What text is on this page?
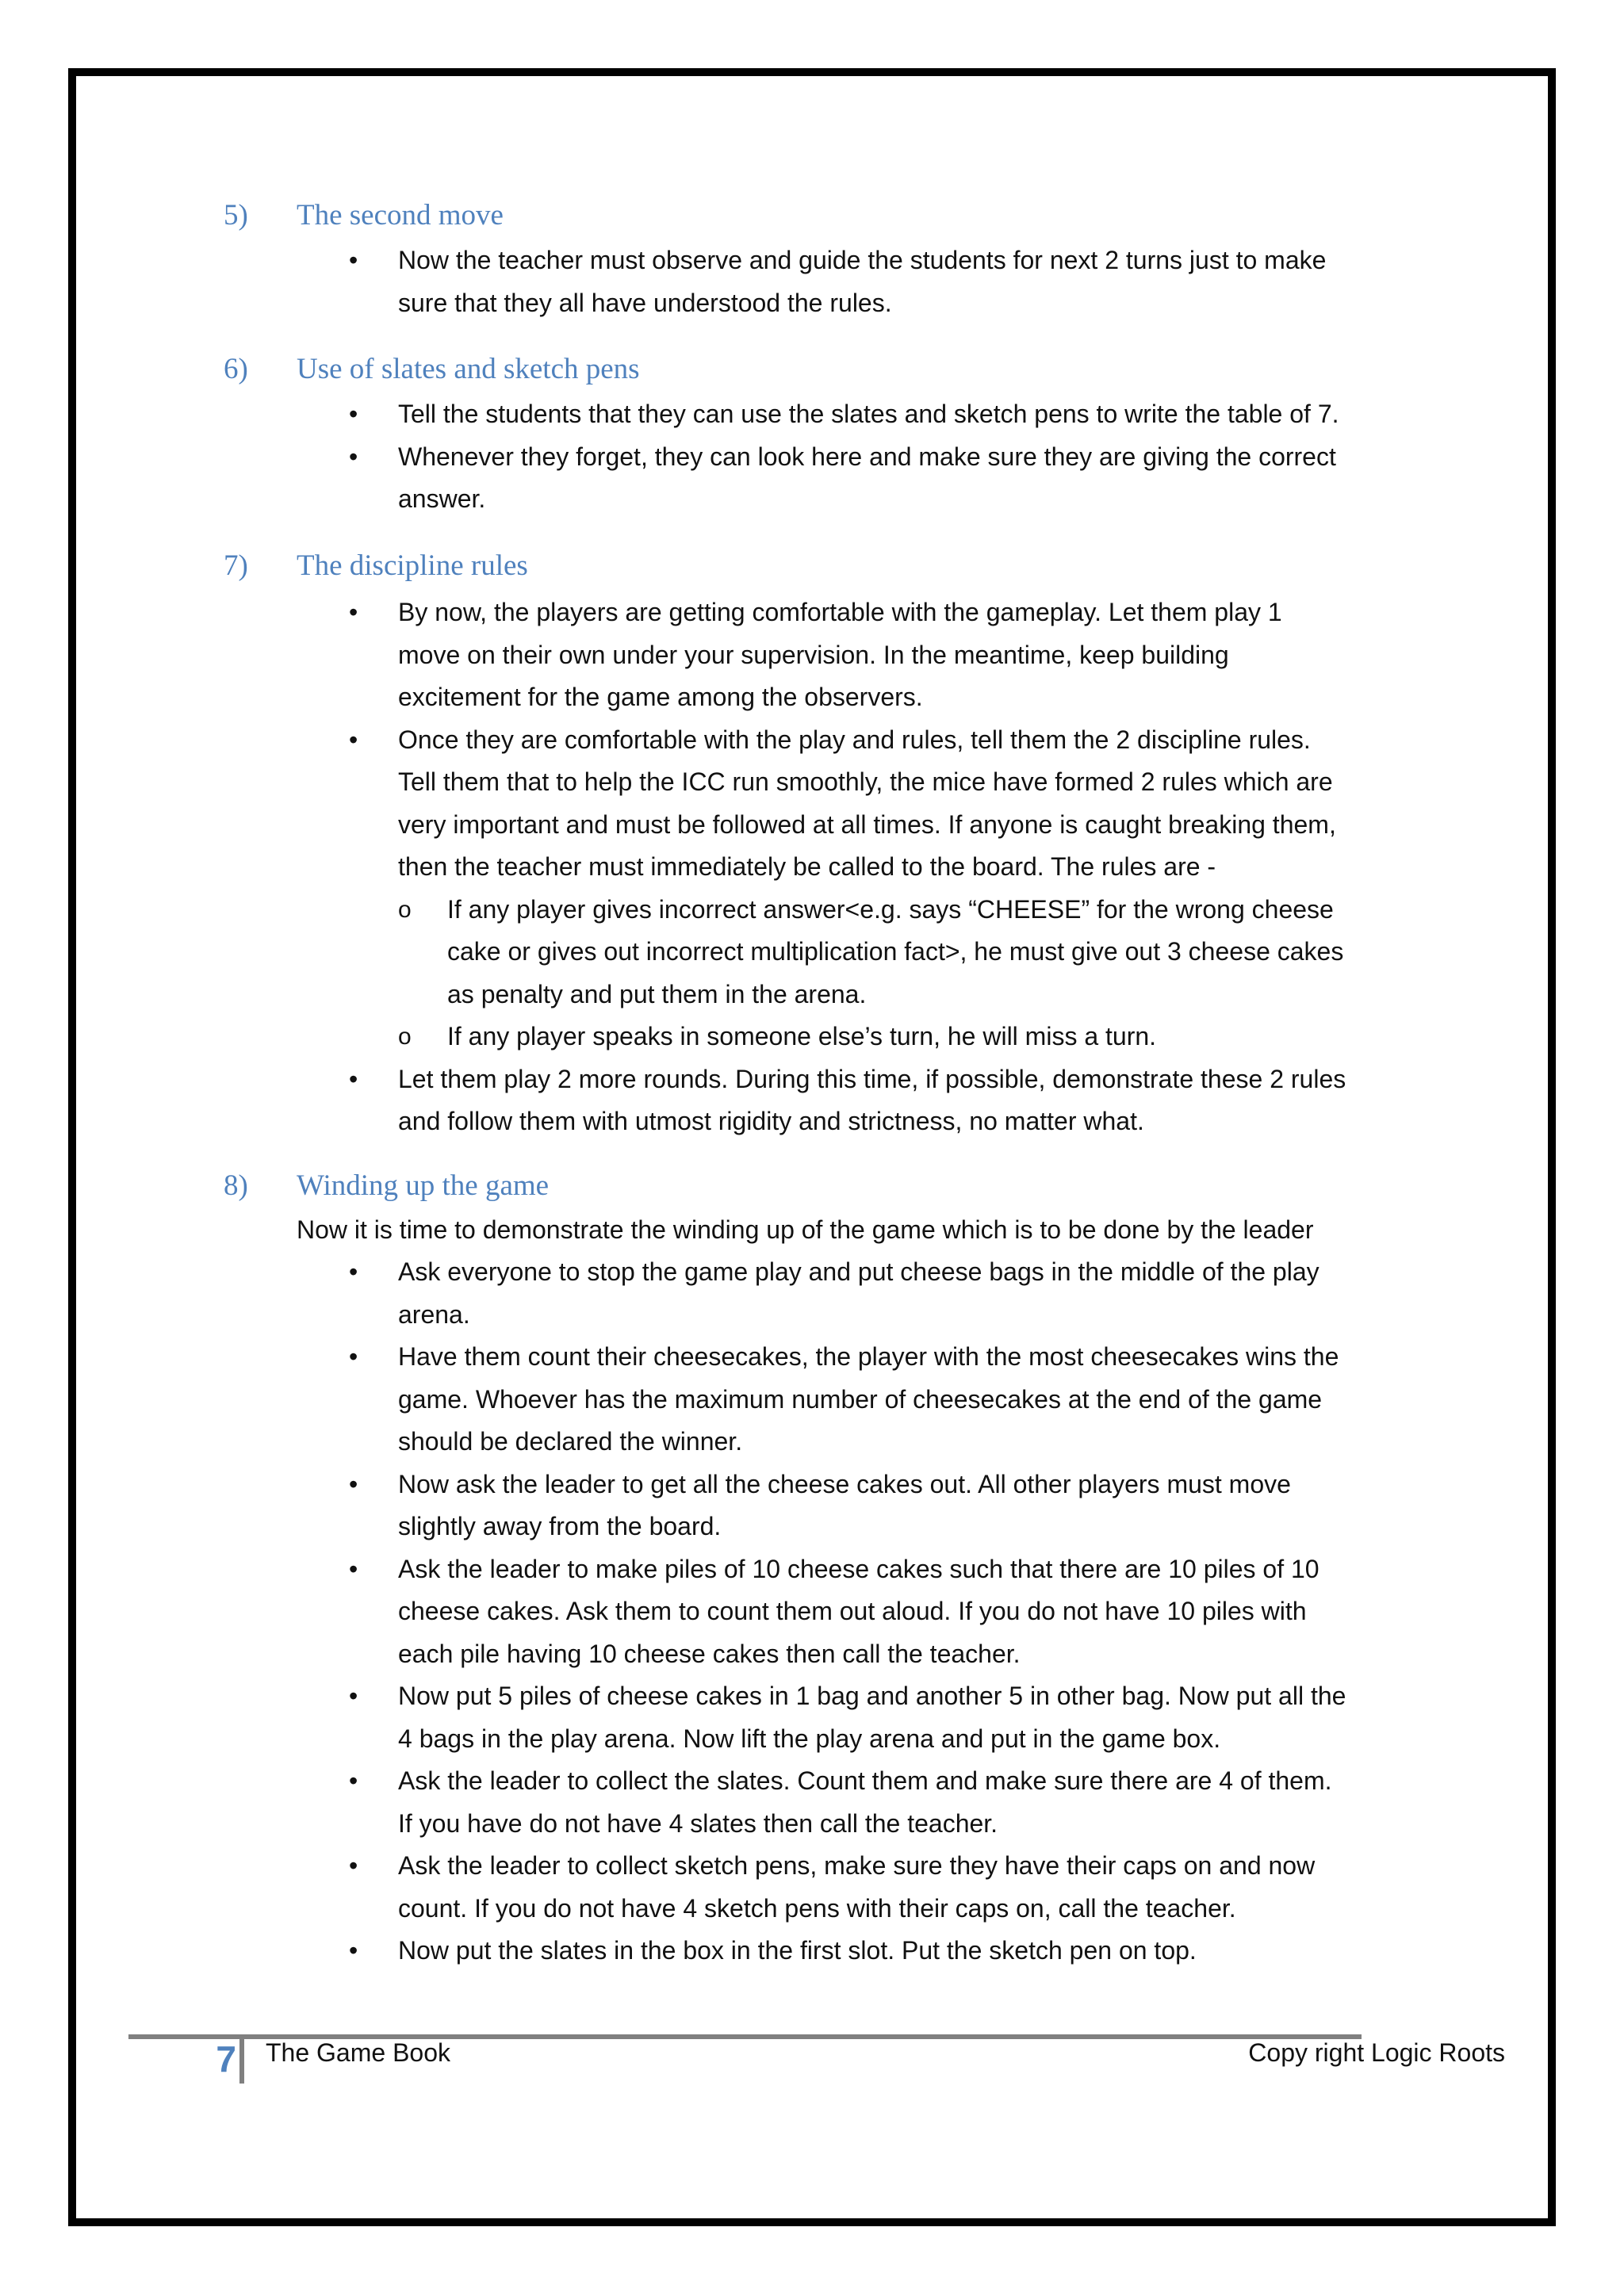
5) The second move
• Now the teacher must observe and guide the students for next 2 turns just to make
sure that they all have understood the rules.
6) Use of slates and sketch pens
• Tell the students that they can use the slates and sketch pens to write the table of 7.
• Whenever they forget, they can look here and make sure they are giving the correct
answer.
7) The discipline rules
• By now, the players are getting comfortable with the gameplay. Let them play 1
move on their own under your supervision. In the meantime, keep building
excitement for the game among the observers.
• Once they are comfortable with the play and rules, tell them the 2 discipline rules.
Tell them that to help the ICC run smoothly, the mice have formed 2 rules which are
very important and must be followed at all times. If anyone is caught breaking them,
then the teacher must immediately be called to the board. The rules are -
o If any player gives incorrect answer<e.g. says “CHEESE” for the wrong cheese
cake or gives out incorrect multiplication fact>, he must give out 3 cheese cakes
as penalty and put them in the arena.
o If any player speaks in someone else’s turn, he will miss a turn.
• Let them play 2 more rounds. During this time, if possible, demonstrate these 2 rules
and follow them with utmost rigidity and strictness, no matter what.
8) Winding up the game
Now it is time to demonstrate the winding up of the game which is to be done by the leader
• Ask everyone to stop the game play and put cheese bags in the middle of the play
arena.
• Have them count their cheesecakes, the player with the most cheesecakes wins the
game. Whoever has the maximum number of cheesecakes at the end of the game
should be declared the winner.
• Now ask the leader to get all the cheese cakes out. All other players must move
slightly away from the board.
• Ask the leader to make piles of 10 cheese cakes such that there are 10 piles of 10
cheese cakes. Ask them to count them out aloud. If you do not have 10 piles with
each pile having 10 cheese cakes then call the teacher.
• Now put 5 piles of cheese cakes in 1 bag and another 5 in other bag. Now put all the
4 bags in the play arena. Now lift the play arena and put in the game box.
• Ask the leader to collect the slates. Count them and make sure there are 4 of them.
If you have do not have 4 slates then call the teacher.
• Ask the leader to collect sketch pens, make sure they have their caps on and now
count. If you do not have 4 sketch pens with their caps on, call the teacher.
• Now put the slates in the box in the first slot. Put the sketch pen on top.
7 The Game Book	Copy right Logic Roots
